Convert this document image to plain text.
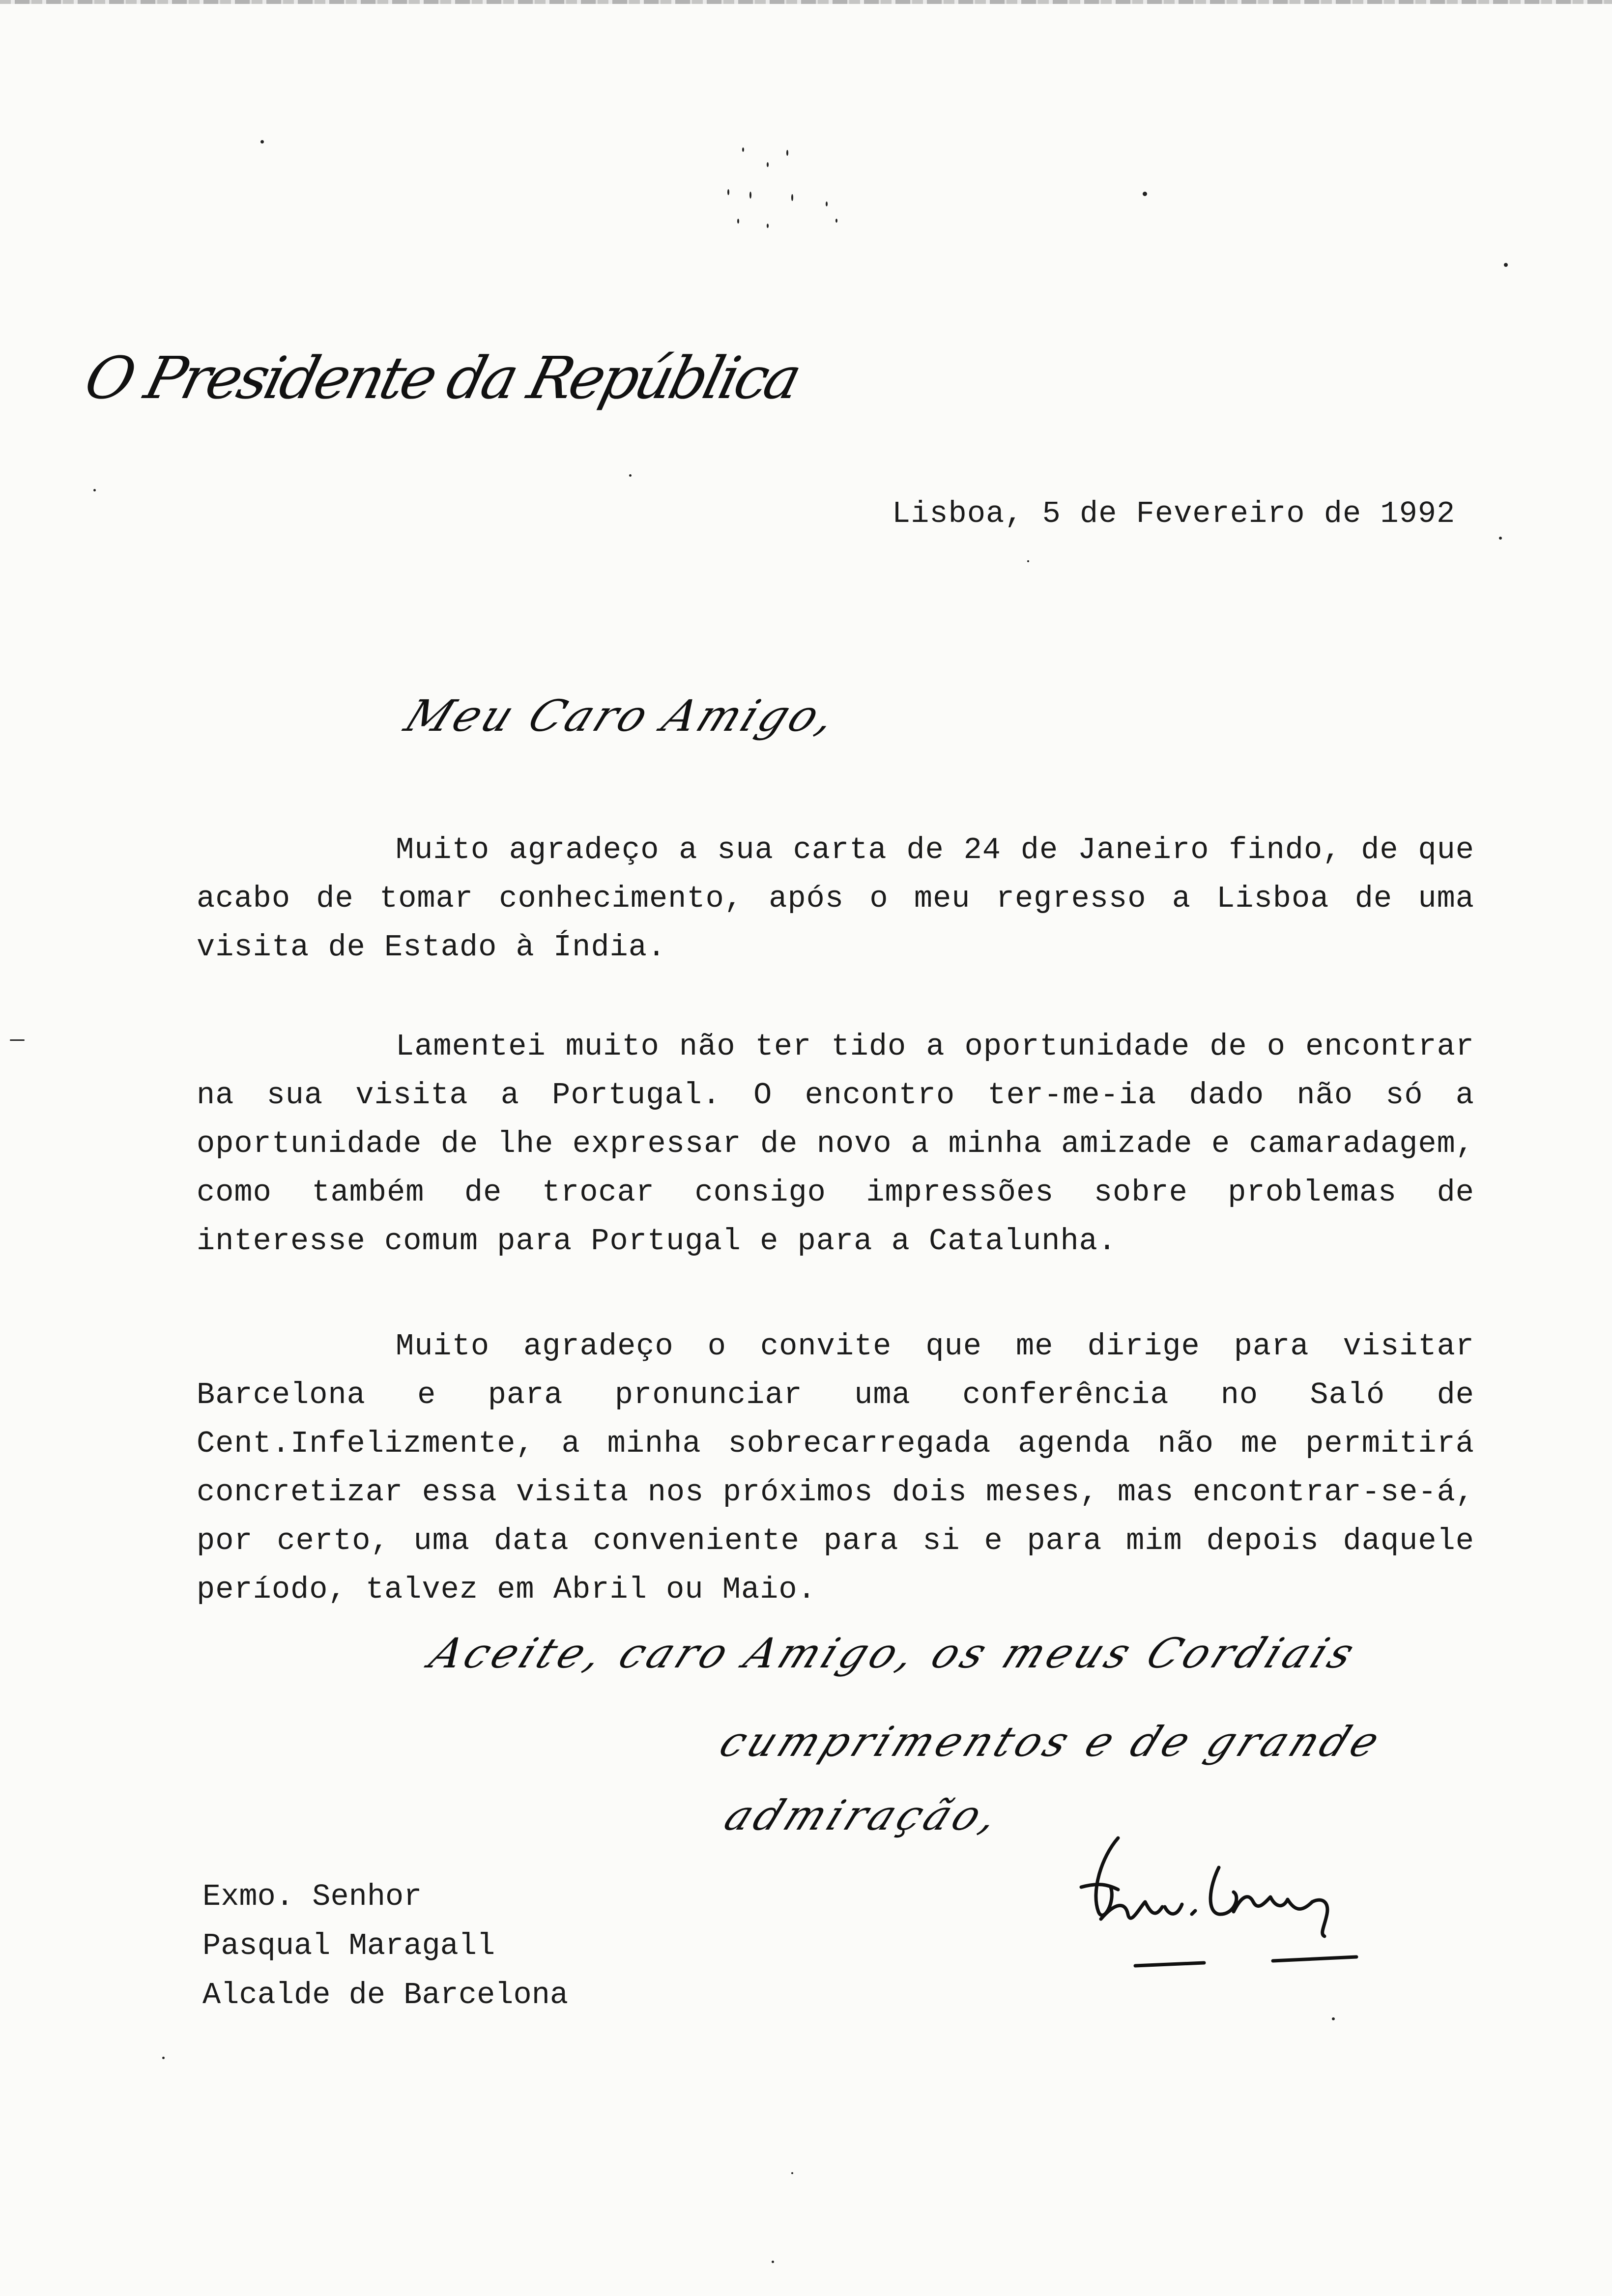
O Presidente da República
Lisboa, 5 de Fevereiro de 1992
Meu Caro Amigo,
Muito agradeço a sua carta de 24 de Janeiro findo, de que acabo de tomar conhecimento, após o meu regresso a Lisboa de uma visita de Estado à Índia.
Lamentei muito não ter tido a oportunidade de o encontrar na sua visita a Portugal. O encontro ter-me-ia dado não só a oportunidade de lhe expressar de novo a minha amizade e camaradagem, como também de trocar consigo impressões sobre problemas de interesse comum para Portugal e para a Catalunha.
Muito agradeço o convite que me dirige para visitar Barcelona e para pronunciar uma conferência no Saló de Cent.Infelizmente, a minha sobrecarregada agenda não me permitirá concretizar essa visita nos próximos dois meses, mas encontrar-se-á, por certo, uma data conveniente para si e para mim depois daquele período, talvez em Abril ou Maio.
Aceite, caro Amigo, os meus Cordiais
cumprimentos e de grande
admiração,
Exmo. Senhor
Pasqual Maragall
Alcalde de Barcelona
